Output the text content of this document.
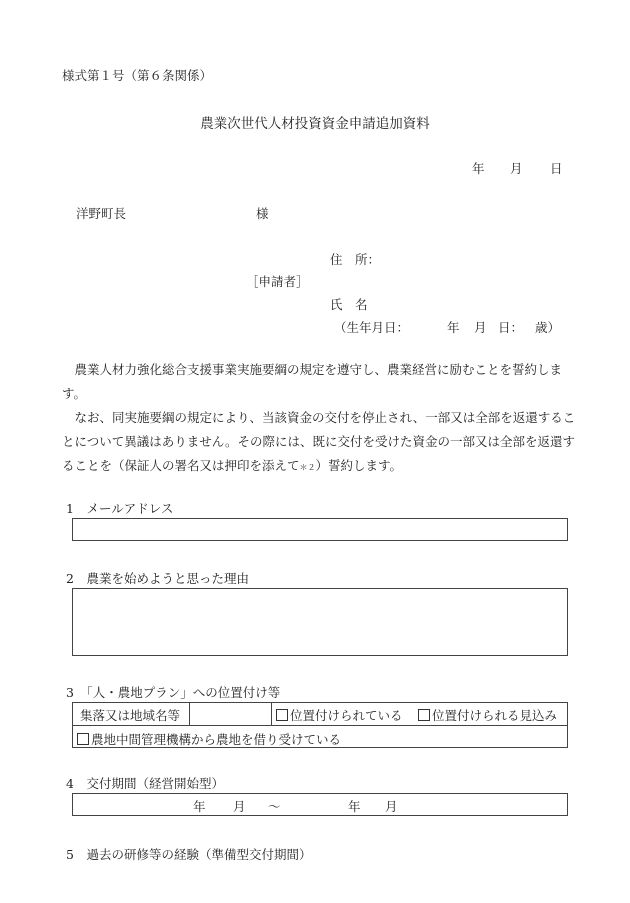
様式第１号（第６条関係）
農業次世代人材投資資金申請追加資料
年 月 日
洋野町長	様
住　所：
［申請者］
氏　名
（生年月日：	年 月 日： 歳）
農業人材力強化総合支援事業実施要綱の規定を遵守し、農業経営に励むことを誓約します。
なお、同実施要綱の規定により、当該資金の交付を停止され、一部又は全部を返還することについて異議はありません。その際には、既に交付を受けた資金の一部又は全部を返還することを（保証人の署名又は押印を添えて＊２）誓約します。
1　メールアドレス
2　農業を始めようと思った理由
3　「人・農地プラン」への位置付け等
集落又は地域名等	位置付けられている	位置付けられる見込み
農地中間管理機構から農地を借り受けている
4　交付期間（経営開始型）
年 月 ～	年 月
5　過去の研修等の経験（準備型交付期間）
